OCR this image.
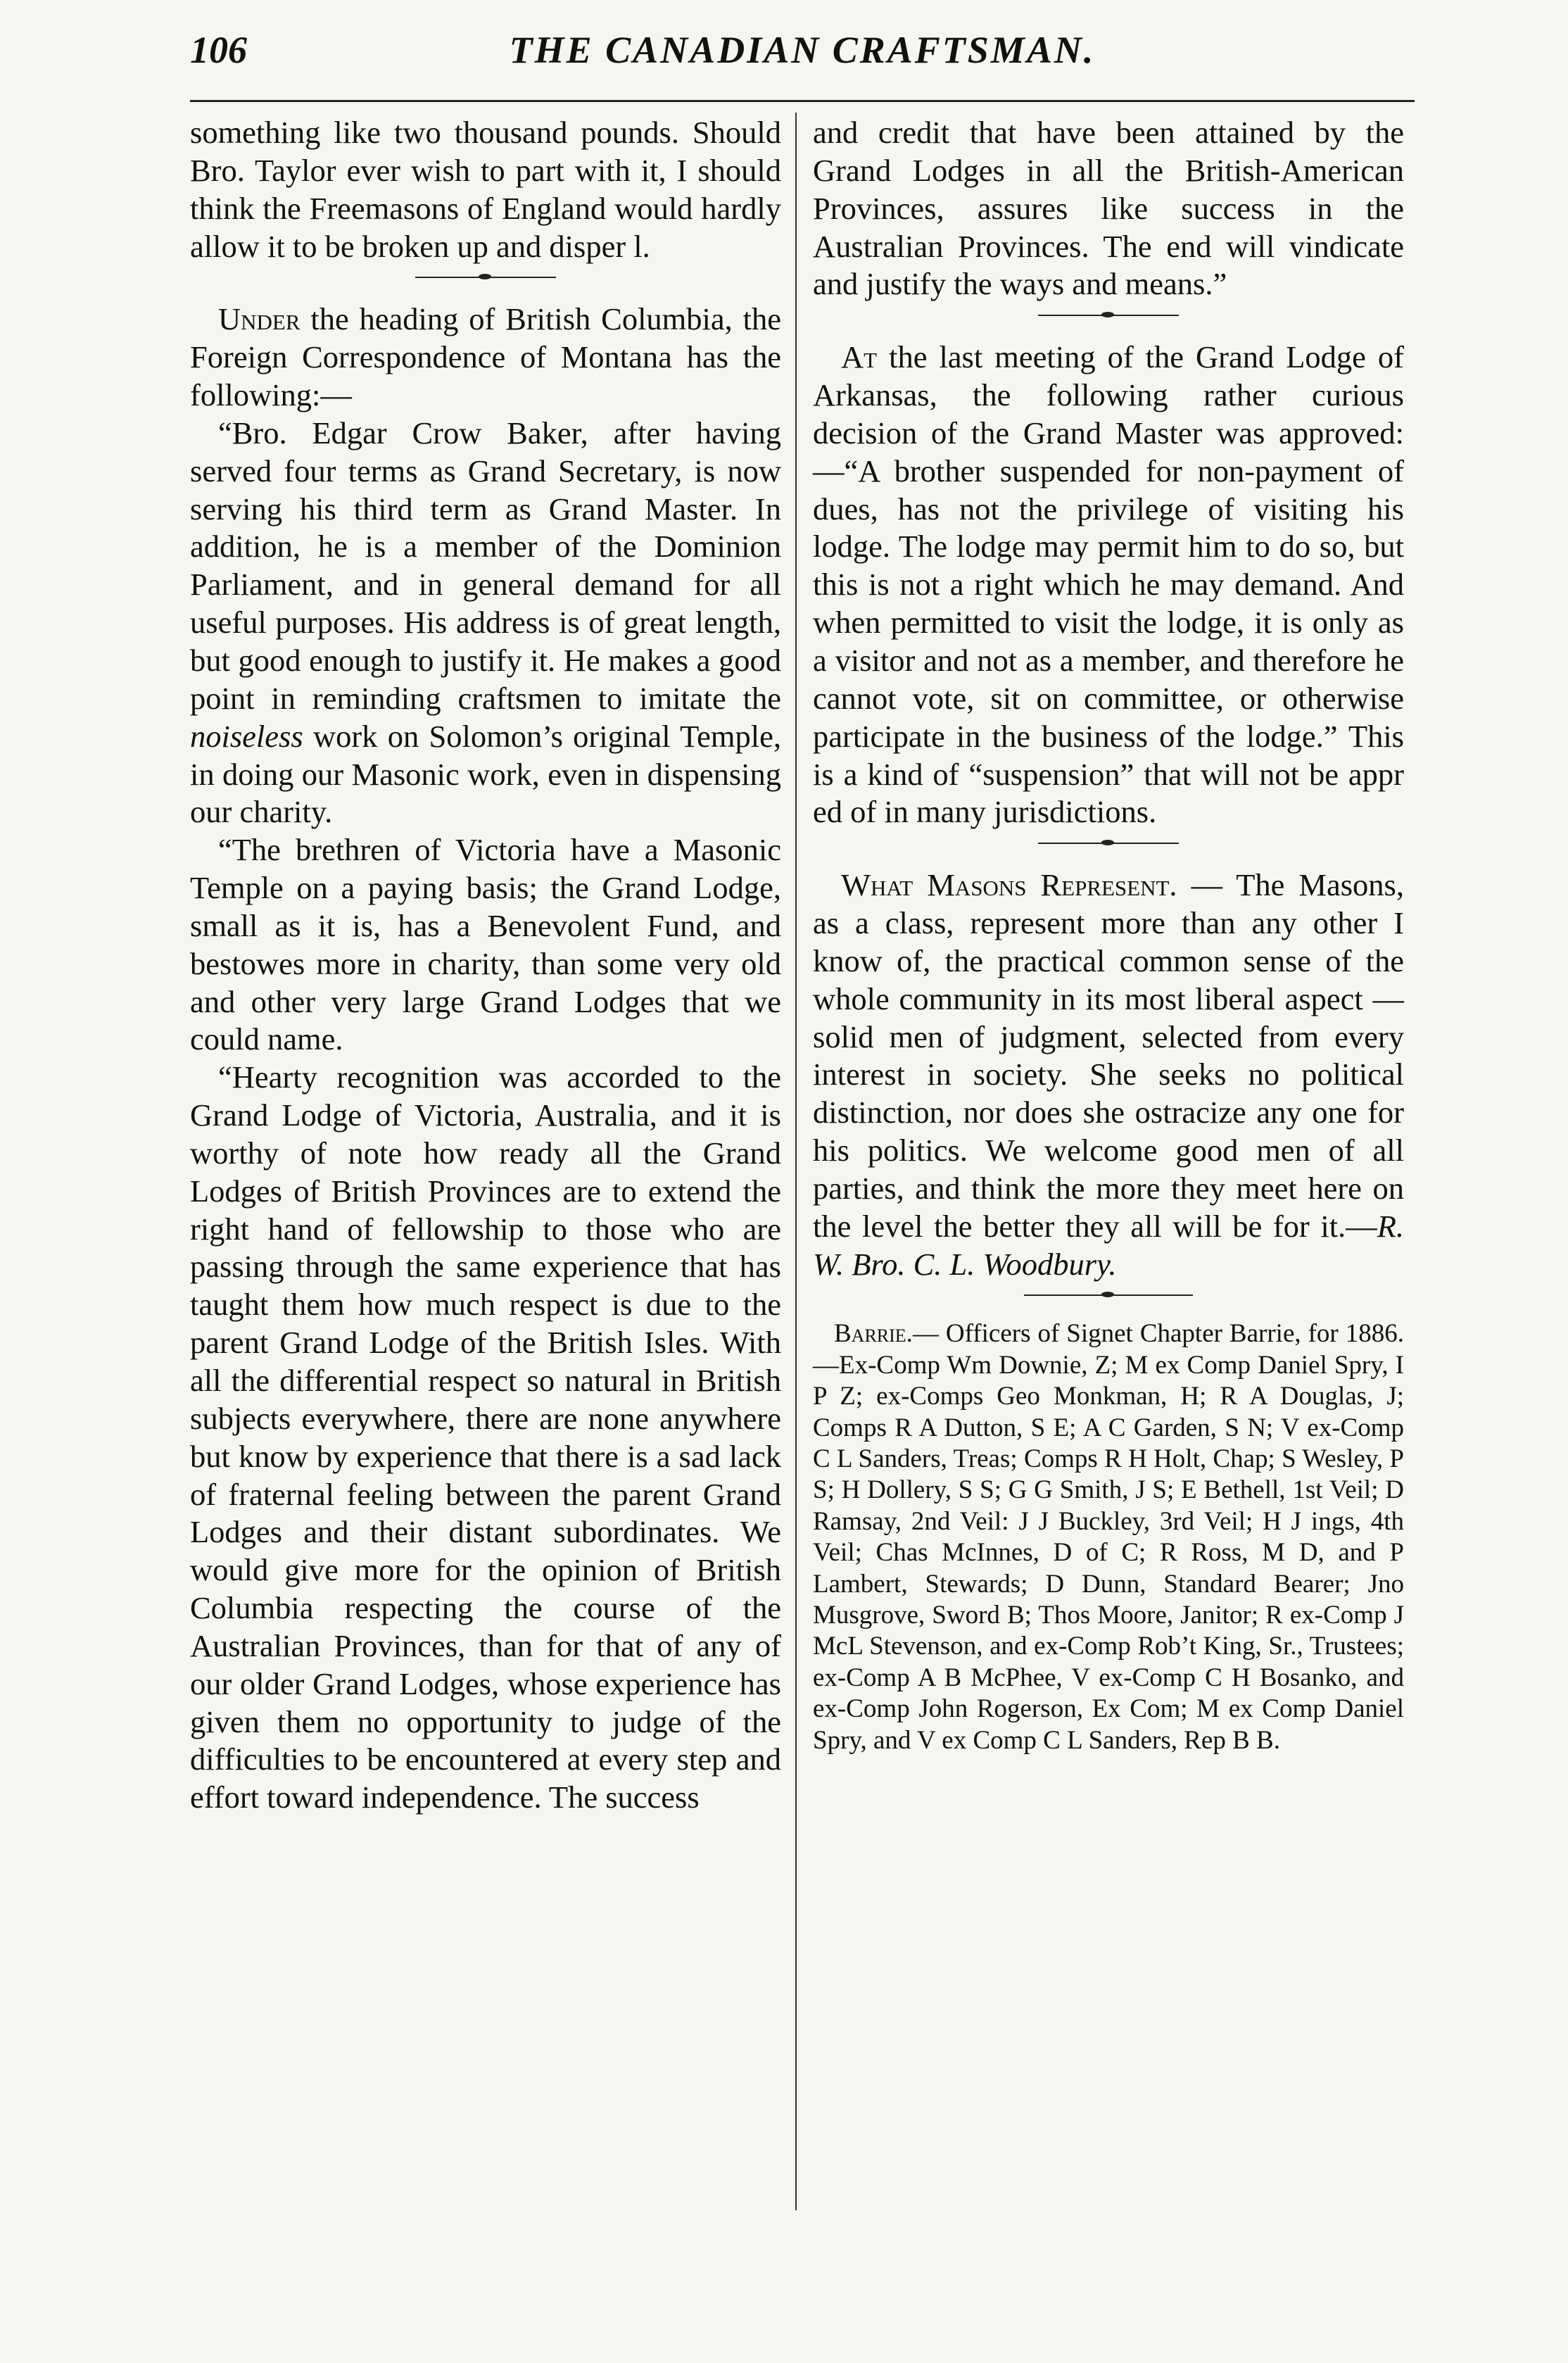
106	THE CANADIAN CRAFTSMAN.

something like two thousand pounds. Should Bro. Taylor ever wish to part with it, I should think the Freemasons of England would hardly allow it to be broken up and disper l.

Under the heading of British Columbia, the Foreign Correspondence of Montana has the following:—

“Bro. Edgar Crow Baker, after having served four terms as Grand Secretary, is now serving his third term as Grand Master. In addition, he is a member of the Dominion Parliament, and in general demand for all useful purposes. His address is of great length, but good enough to justify it. He makes a good point in reminding craftsmen to imitate the noiseless work on Solomon’s original Temple, in doing our Masonic work, even in dispensing our charity.

“The brethren of Victoria have a Masonic Temple on a paying basis; the Grand Lodge, small as it is, has a Benevolent Fund, and bestowes more in charity, than some very old and other very large Grand Lodges that we could name.

“Hearty recognition was accorded to the Grand Lodge of Victoria, Australia, and it is worthy of note how ready all the Grand Lodges of British Provinces are to extend the right hand of fellowship to those who are passing through the same experience that has taught them how much respect is due to the parent Grand Lodge of the British Isles. With all the differential respect so natural in British subjects everywhere, there are none anywhere but know by experience that there is a sad lack of fraternal feeling between the parent Grand Lodges and their distant subordinates. We would give more for the opinion of British Columbia respecting the course of the Australian Provinces, than for that of any of our older Grand Lodges, whose experience has given them no opportunity to judge of the difficulties to be encountered at every step and effort toward independence. The success

and credit that have been attained by the Grand Lodges in all the British-American Provinces, assures like success in the Australian Provinces. The end will vindicate and justify the ways and means.”

At the last meeting of the Grand Lodge of Arkansas, the following rather curious decision of the Grand Master was approved:—“A brother suspended for non-payment of dues, has not the privilege of visiting his lodge. The lodge may permit him to do so, but this is not a right which he may demand. And when permitted to visit the lodge, it is only as a visitor and not as a member, and therefore he cannot vote, sit on committee, or otherwise participate in the business of the lodge.” This is a kind of “suspension” that will not be appr ed of in many jurisdictions.

What Masons Represent. — The Masons, as a class, represent more than any other I know of, the practical common sense of the whole community in its most liberal aspect —solid men of judgment, selected from every interest in society. She seeks no political distinction, nor does she ostracize any one for his politics. We welcome good men of all parties, and think the more they meet here on the level the better they all will be for it.—R. W. Bro. C. L. Woodbury.

Barrie.— Officers of Signet Chapter Barrie, for 1886.—Ex-Comp Wm Downie, Z; M ex Comp Daniel Spry, I P Z; ex-Comps Geo Monkman, H; R A Douglas, J; Comps R A Dutton, S E; A C Garden, S N; V ex-Comp C L Sanders, Treas; Comps R H Holt, Chap; S Wesley, P S; H Dollery, S S; G G Smith, J S; E Bethell, 1st Veil; D Ramsay, 2nd Veil: J J Buckley, 3rd Veil; H J ings, 4th Veil; Chas McInnes, D of C; R Ross, M D, and P Lambert, Stewards; D Dunn, Standard Bearer; Jno Musgrove, Sword B; Thos Moore, Janitor; R ex-Comp J McL Stevenson, and ex-Comp Rob’t King, Sr., Trustees; ex-Comp A B McPhee, V ex-Comp C H Bosanko, and ex-Comp John Rogerson, Ex Com; M ex Comp Daniel Spry, and V ex Comp C L Sanders, Rep B B.
